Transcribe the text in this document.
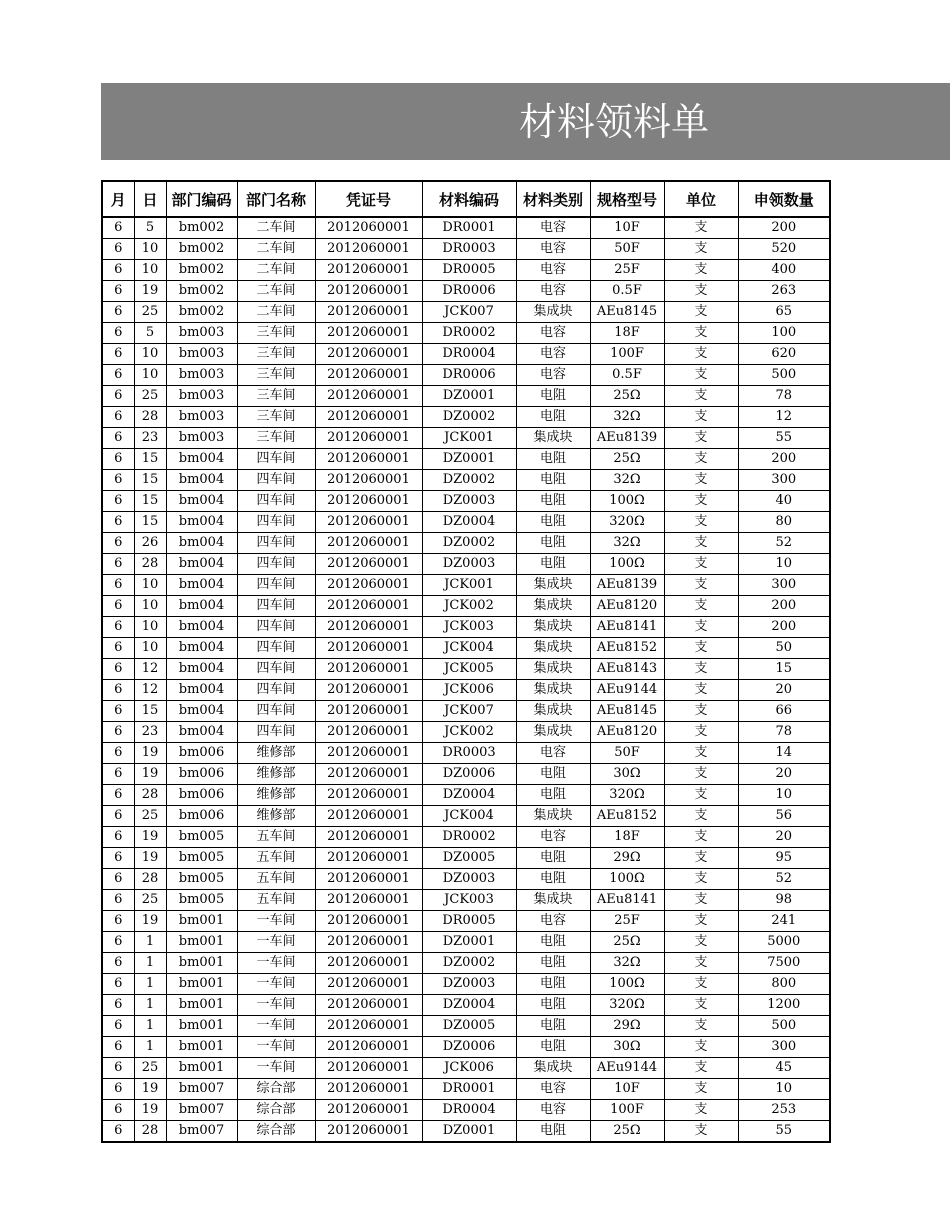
材料领料单
月	日	部门编码	部门名称	凭证号	材料编码	材料类别	规格型号	单位	申领数量
6	5	bm002	二车间	2012060001	DR0001	电容	10F	支	200
6	10	bm002	二车间	2012060001	DR0003	电容	50F	支	520
6	10	bm002	二车间	2012060001	DR0005	电容	25F	支	400
6	19	bm002	二车间	2012060001	DR0006	电容	0.5F	支	263
6	25	bm002	二车间	2012060001	JCK007	集成块	AEu8145	支	65
6	5	bm003	三车间	2012060001	DR0002	电容	18F	支	100
6	10	bm003	三车间	2012060001	DR0004	电容	100F	支	620
6	10	bm003	三车间	2012060001	DR0006	电容	0.5F	支	500
6	25	bm003	三车间	2012060001	DZ0001	电阻	25Ω	支	78
6	28	bm003	三车间	2012060001	DZ0002	电阻	32Ω	支	12
6	23	bm003	三车间	2012060001	JCK001	集成块	AEu8139	支	55
6	15	bm004	四车间	2012060001	DZ0001	电阻	25Ω	支	200
6	15	bm004	四车间	2012060001	DZ0002	电阻	32Ω	支	300
6	15	bm004	四车间	2012060001	DZ0003	电阻	100Ω	支	40
6	15	bm004	四车间	2012060001	DZ0004	电阻	320Ω	支	80
6	26	bm004	四车间	2012060001	DZ0002	电阻	32Ω	支	52
6	28	bm004	四车间	2012060001	DZ0003	电阻	100Ω	支	10
6	10	bm004	四车间	2012060001	JCK001	集成块	AEu8139	支	300
6	10	bm004	四车间	2012060001	JCK002	集成块	AEu8120	支	200
6	10	bm004	四车间	2012060001	JCK003	集成块	AEu8141	支	200
6	10	bm004	四车间	2012060001	JCK004	集成块	AEu8152	支	50
6	12	bm004	四车间	2012060001	JCK005	集成块	AEu8143	支	15
6	12	bm004	四车间	2012060001	JCK006	集成块	AEu9144	支	20
6	15	bm004	四车间	2012060001	JCK007	集成块	AEu8145	支	66
6	23	bm004	四车间	2012060001	JCK002	集成块	AEu8120	支	78
6	19	bm006	维修部	2012060001	DR0003	电容	50F	支	14
6	19	bm006	维修部	2012060001	DZ0006	电阻	30Ω	支	20
6	28	bm006	维修部	2012060001	DZ0004	电阻	320Ω	支	10
6	25	bm006	维修部	2012060001	JCK004	集成块	AEu8152	支	56
6	19	bm005	五车间	2012060001	DR0002	电容	18F	支	20
6	19	bm005	五车间	2012060001	DZ0005	电阻	29Ω	支	95
6	28	bm005	五车间	2012060001	DZ0003	电阻	100Ω	支	52
6	25	bm005	五车间	2012060001	JCK003	集成块	AEu8141	支	98
6	19	bm001	一车间	2012060001	DR0005	电容	25F	支	241
6	1	bm001	一车间	2012060001	DZ0001	电阻	25Ω	支	5000
6	1	bm001	一车间	2012060001	DZ0002	电阻	32Ω	支	7500
6	1	bm001	一车间	2012060001	DZ0003	电阻	100Ω	支	800
6	1	bm001	一车间	2012060001	DZ0004	电阻	320Ω	支	1200
6	1	bm001	一车间	2012060001	DZ0005	电阻	29Ω	支	500
6	1	bm001	一车间	2012060001	DZ0006	电阻	30Ω	支	300
6	25	bm001	一车间	2012060001	JCK006	集成块	AEu9144	支	45
6	19	bm007	综合部	2012060001	DR0001	电容	10F	支	10
6	19	bm007	综合部	2012060001	DR0004	电容	100F	支	253
6	28	bm007	综合部	2012060001	DZ0001	电阻	25Ω	支	55
